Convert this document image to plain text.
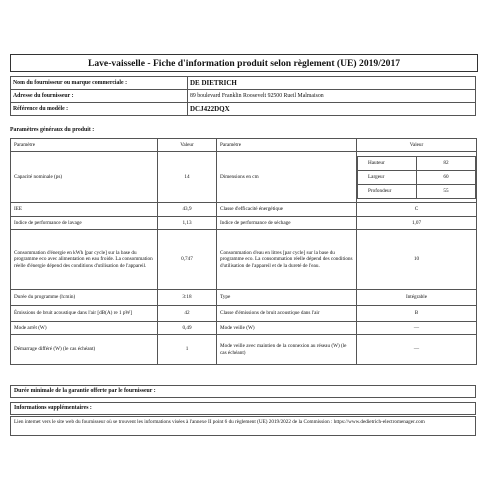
Lave-vaisselle - Fiche d'information produit selon règlement (UE) 2019/2017
Nom du fournisseur ou marque commerciale :	DE DIETRICH
Adresse du fournisseur :	89 boulevard Franklin Roosevelt 92500 Rueil Malmaison
Référence du modèle :	DCJ422DQX
Paramètres généraux du produit :
Paramètre	Valeur	Paramètre	Valeur
Capacité nominale (ps)	14	Dimensions en cm	
Hauteur	82
Largeur	60
Profondeur	55

IEE	43,9	Classe d'efficacité énergétique	C
Indice de performance de lavage	1,13	Indice de performance de séchage	1,07
Consommation d'énergie en kWh [par cycle] sur la base du programme eco avec alimentation en eau froide. La consommation réelle d'énergie dépend des conditions d'utilisation de l'appareil.	0,747	Consommation d'eau en litres [par cycle] sur la base du programme eco. La consommation réelle dépend des conditions d'utilisation de l'appareil et de la dureté de l'eau.	10
Durée du programme (h:min)	3:18	Type	Intégrable
Émissions de bruit acoustique dans l'air [dB(A) re 1 pW]	42	Classe d'émissions de bruit acoustique dans l'air	B
Mode arrêt (W)	0,49	Mode veille (W)	—
Démarrage différé (W) (le cas échéant)	1	Mode veille avec maintien de la connexion au réseau (W) (le cas échéant)	—
Durée minimale de la garantie offerte par le fournisseur :
Informations supplémentaires :
Lien internet vers le site web du fournisseur où se trouvent les informations visées à l'annexe II point 6 du règlement (UE) 2019/2022 de la Commission : https://www.dedietrich-electromenager.com
